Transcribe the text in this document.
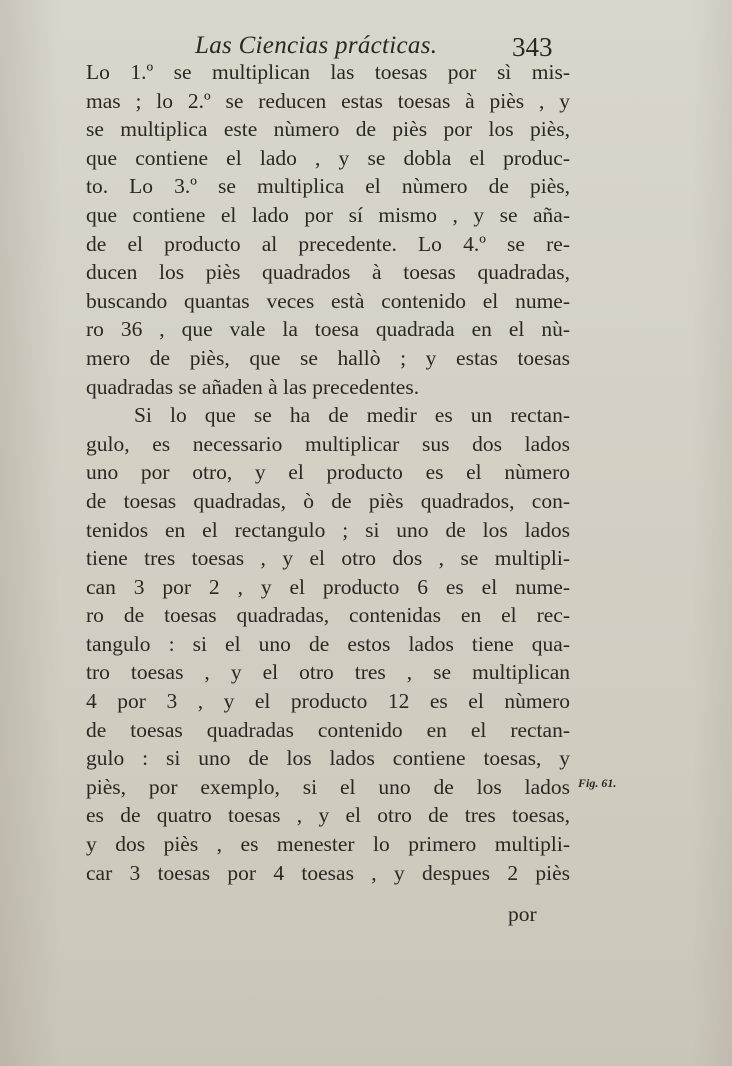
Las Ciencias prácticas.	343
Lo 1.º se multiplican las toesas por sì mis-
mas ; lo 2.º se reducen estas toesas à piès , y
se multiplica este nùmero de piès por los piès,
que contiene el lado , y se dobla el produc-
to. Lo 3.º se multiplica el nùmero de piès,
que contiene el lado por sí mismo , y se aña-
de el producto al precedente. Lo 4.º se re-
ducen los piès quadrados à toesas quadradas,
buscando quantas veces està contenido el nume-
ro 36 , que vale la toesa quadrada en el nù-
mero de piès, que se hallò ; y estas toesas
quadradas se añaden à las precedentes.
Si lo que se ha de medir es un rectan-
gulo, es necessario multiplicar sus dos lados
uno por otro, y el producto es el nùmero
de toesas quadradas, ò de piès quadrados, con-
tenidos en el rectangulo ; si uno de los lados
tiene tres toesas , y el otro dos , se multipli-
can 3 por 2 , y el producto 6 es el nume-
ro de toesas quadradas, contenidas en el rec-
tangulo : si el uno de estos lados tiene qua-
tro toesas , y el otro tres , se multiplican
4 por 3 , y el producto 12 es el nùmero
de toesas quadradas contenido en el rectan-
gulo : si uno de los lados contiene toesas, y
piès, por exemplo, si el uno de los lados
es de quatro toesas , y el otro de tres toesas,
y dos piès , es menester lo primero multipli-
car 3 toesas por 4 toesas , y despues 2 piès
Fig. 61.
por
